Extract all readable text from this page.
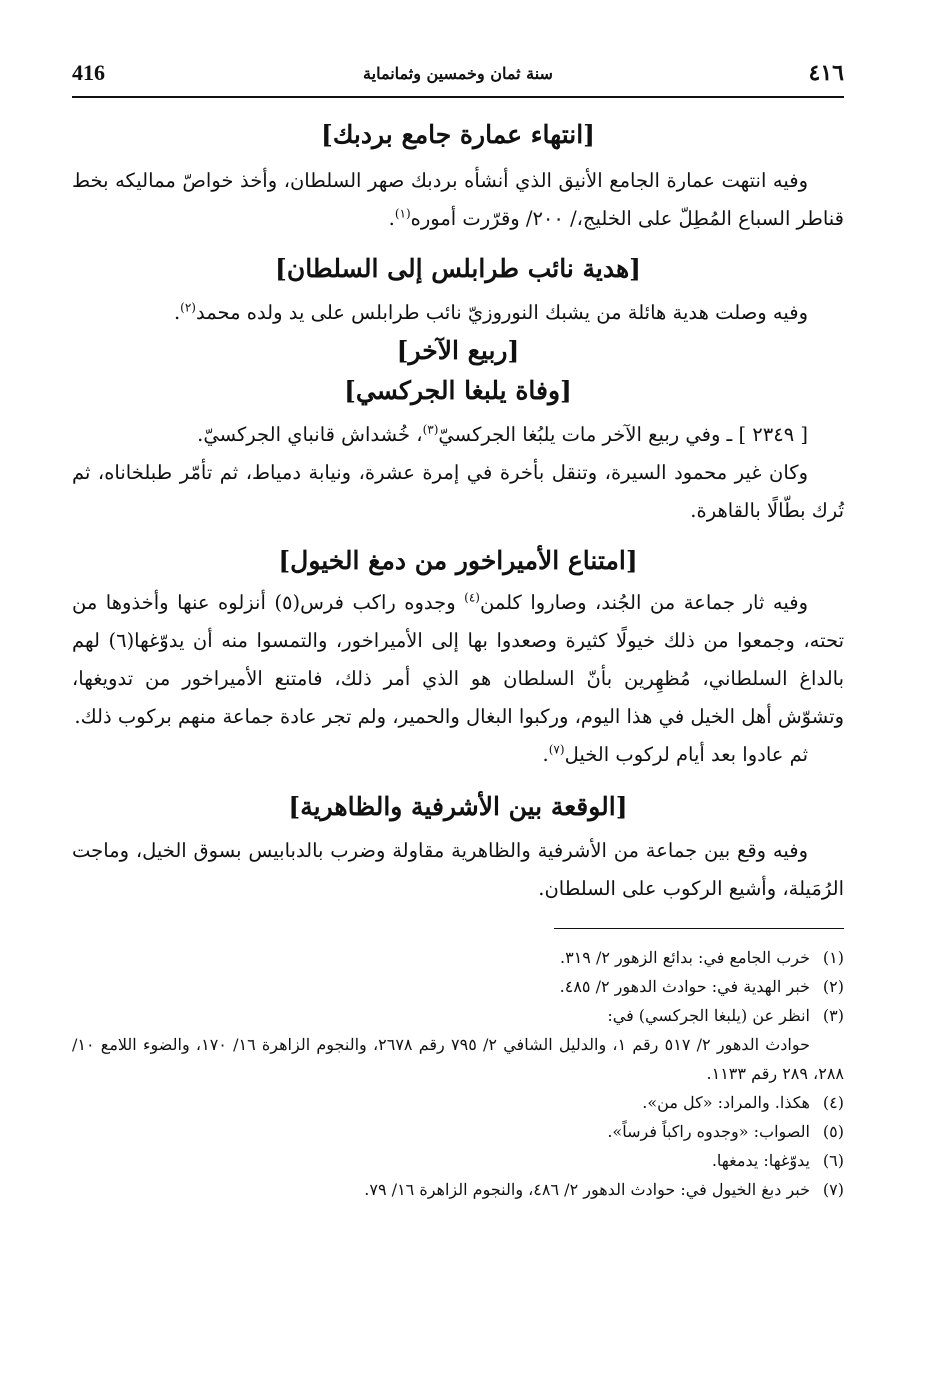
٤١٦
سنة ثمان وخمسين وثمانماية
416
[انتهاء عمارة جامع بردبك]

وفيه انتهت عمارة الجامع الأنيق الذي أنشأه بردبك صهر السلطان، وأخذ خواصّ مماليكه بخط قناطر السباع المُطِلّ على الخليج،/ ٢٠٠/ وقرّرت أموره$^{(١)}$.

[هدية نائب طرابلس إلى السلطان]

وفيه وصلت هدية هائلة من يشبك النوروزيّ نائب طرابلس على يد ولده محمد$^{(٢)}$.

[ربيع الآخر]
[وفاة يلبغا الجركسي]

[ ٢٣٤٩ ] ـ وفي ربيع الآخر مات يلبُغا الجركسيّ$^{(٣)}$، خُشداش قانباي الجركسيّ.

وكان غير محمود السيرة، وتنقل بأخرة في إمرة عشرة، ونيابة دمياط، ثم تأمّر طبلخاناه، ثم تُرك بطّالًا بالقاهرة.

[امتناع الأميراخور من دمغ الخيول]

وفيه ثار جماعة من الجُند، وصاروا كلمن$^{(٤)}$ وجدوه راكب فرس(٥) أنزلوه عنها وأخذوها من تحته، وجمعوا من ذلك خيولًا كثيرة وصعدوا بها إلى الأميراخور، والتمسوا منه أن يدوّغها(٦) لهم بالداغ السلطاني، مُظهِرين بأنّ السلطان هو الذي أمر ذلك، فامتنع الأميراخور من تدويغها، وتشوّش أهل الخيل في هذا اليوم، وركبوا البغال والحمير، ولم تجر عادة جماعة منهم بركوب ذلك.

ثم عادوا بعد أيام لركوب الخيل$^{(٧)}$.

[الوقعة بين الأشرفية والظاهرية]

وفيه وقع بين جماعة من الأشرفية والظاهرية مقاولة وضرب بالدبابيس بسوق الخيل، وماجت الرُمَيلة، وأشيع الركوب على السلطان.

(١)خرب الجامع في: بدائع الزهور ٢/ ٣١٩.

(٢)خبر الهدية في: حوادث الدهور ٢/ ٤٨٥.

(٣)انظر عن (يلبغا الجركسي) في:

حوادث الدهور ٢/ ٥١٧ رقم ١، والدليل الشافي ٢/ ٧٩٥ رقم ٢٦٧٨، والنجوم الزاهرة ١٦/ ١٧٠، والضوء اللامع ١٠/ ٢٨٨، ٢٨٩ رقم ١١٣٣.

(٤)هكذا. والمراد: «كل من».

(٥)الصواب: «وجدوه راكباً فرساً».

(٦)يدوّغها: يدمغها.

(٧)خبر دبغ الخيول في: حوادث الدهور ٢/ ٤٨٦، والنجوم الزاهرة ١٦/ ٧٩.
